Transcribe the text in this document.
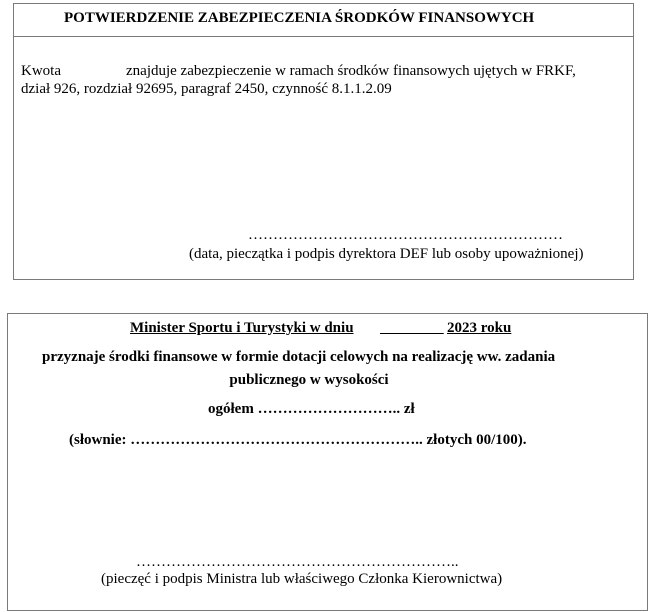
POTWIERDZENIE ZABEZPIECZENIA ŚRODKÓW FINANSOWYCH
Kwota	znajduje zabezpieczenie w ramach środków finansowych ujętych w FRKF,
dział 926, rozdział 92695, paragraf 2450, czynność 8.1.1.2.09
………………………………………………………
(data, pieczątka i podpis dyrektora DEF lub osoby upoważnionej)
Minister Sportu i Turystyki w dniu
	2023 roku
przyznaje środki finansowe w formie dotacji celowych na realizację ww. zadania
publicznego w wysokości
ogółem ……………………….. zł
(słownie: ………………………………………………….. złotych 00/100).
………………………………………………………..
(pieczęć i podpis Ministra lub właściwego Członka Kierownictwa)
